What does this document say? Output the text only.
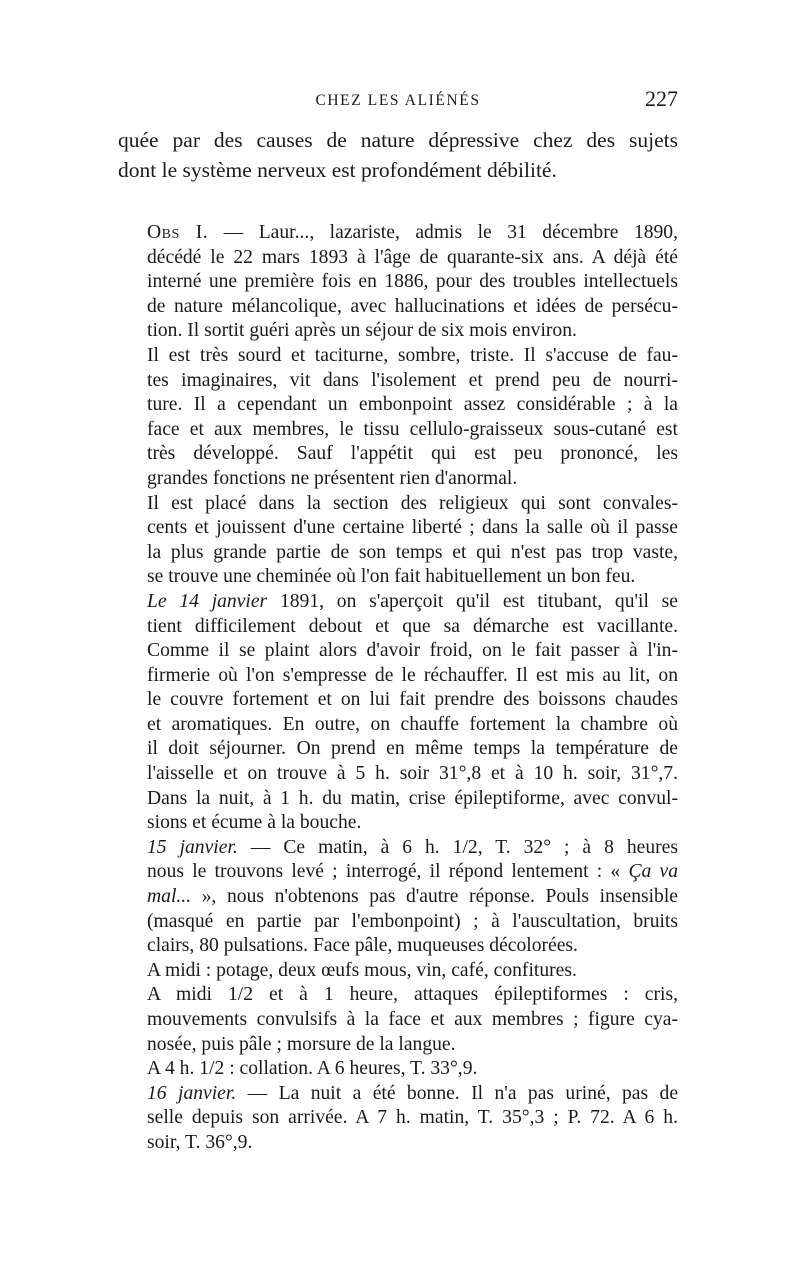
CHEZ LES ALIÉNÉS	227
quée par des causes de nature dépressive chez des sujets
dont le système nerveux est profondément débilité.
Obs I. — Laur..., lazariste, admis le 31 décembre 1890,
décédé le 22 mars 1893 à l'âge de quarante-six ans. A déjà été
interné une première fois en 1886, pour des troubles intellectuels
de nature mélancolique, avec hallucinations et idées de persécu-
tion. Il sortit guéri après un séjour de six mois environ.
Il est très sourd et taciturne, sombre, triste. Il s'accuse de fau-
tes imaginaires, vit dans l'isolement et prend peu de nourri-
ture. Il a cependant un embonpoint assez considérable ; à la
face et aux membres, le tissu cellulo-graisseux sous-cutané est
très développé. Sauf l'appétit qui est peu prononcé, les
grandes fonctions ne présentent rien d'anormal.
Il est placé dans la section des religieux qui sont convales-
cents et jouissent d'une certaine liberté ; dans la salle où il passe
la plus grande partie de son temps et qui n'est pas trop vaste,
se trouve une cheminée où l'on fait habituellement un bon feu.
Le 14 janvier 1891, on s'aperçoit qu'il est titubant, qu'il se
tient difficilement debout et que sa démarche est vacillante.
Comme il se plaint alors d'avoir froid, on le fait passer à l'in-
firmerie où l'on s'empresse de le réchauffer. Il est mis au lit, on
le couvre fortement et on lui fait prendre des boissons chaudes
et aromatiques. En outre, on chauffe fortement la chambre où
il doit séjourner. On prend en même temps la température de
l'aisselle et on trouve à 5 h. soir 31°,8 et à 10 h. soir, 31°,7.
Dans la nuit, à 1 h. du matin, crise épileptiforme, avec convul-
sions et écume à la bouche.
15 janvier. — Ce matin, à 6 h. 1/2, T. 32° ; à 8 heures
nous le trouvons levé ; interrogé, il répond lentement : « Ça va
mal... », nous n'obtenons pas d'autre réponse. Pouls insensible
(masqué en partie par l'embonpoint) ; à l'auscultation, bruits
clairs, 80 pulsations. Face pâle, muqueuses décolorées.
A midi : potage, deux œufs mous, vin, café, confitures.
A midi 1/2 et à 1 heure, attaques épileptiformes : cris,
mouvements convulsifs à la face et aux membres ; figure cya-
nosée, puis pâle ; morsure de la langue.
A 4 h. 1/2 : collation. A 6 heures, T. 33°,9.
16 janvier. — La nuit a été bonne. Il n'a pas uriné, pas de
selle depuis son arrivée. A 7 h. matin, T. 35°,3 ; P. 72. A 6 h.
soir, T. 36°,9.
